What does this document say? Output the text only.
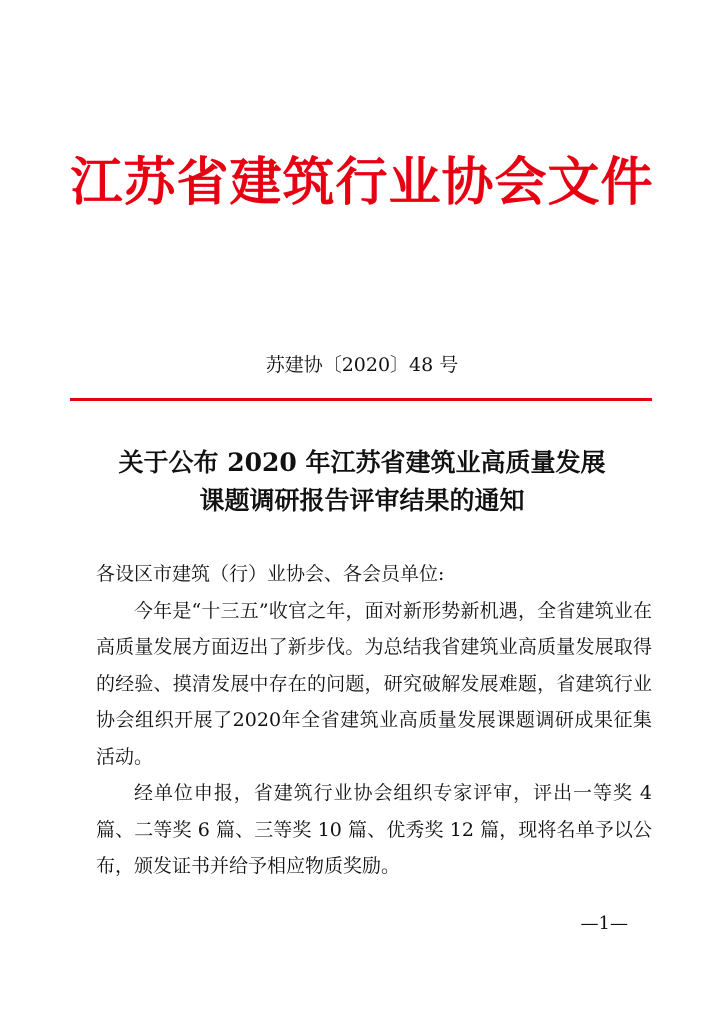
江苏省建筑行业协会文件
苏建协〔2020〕48 号
关于公布 2020 年江苏省建筑业高质量发展
课题调研报告评审结果的通知

各设区市建筑（行）业协会、各会员单位:

今年是“十三五”收官之年，面对新形势新机遇，全省建筑业在高质量发展方面迈出了新步伐。为总结我省建筑业高质量发展取得的经验、摸清发展中存在的问题，研究破解发展难题，省建筑行业协会组织开展了2020年全省建筑业高质量发展课题调研成果征集活动。

经单位申报，省建筑行业协会组织专家评审，评出一等奖 4 篇、二等奖 6 篇、三等奖 10 篇、优秀奖 12 篇，现将名单予以公布，颁发证书并给予相应物质奖励。

—1—
